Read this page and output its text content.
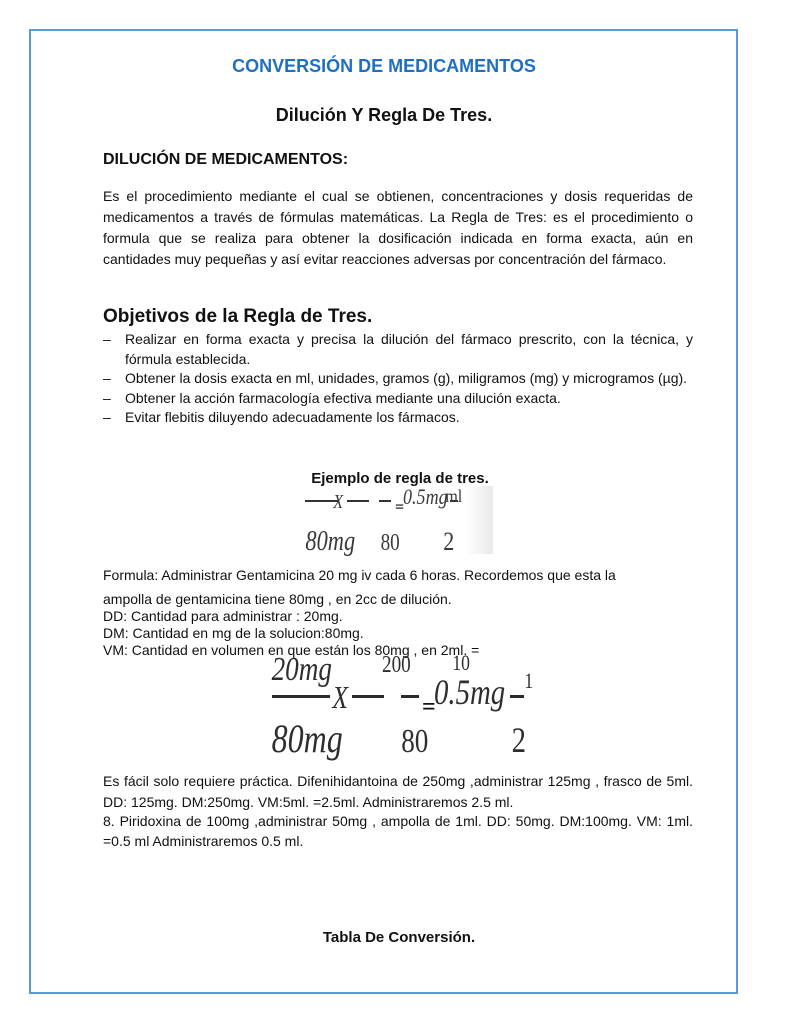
CONVERSIÓN DE MEDICAMENTOS
Dilución Y Regla De Tres.
DILUCIÓN DE MEDICAMENTOS:

Es el procedimiento mediante el cual se obtienen, concentraciones y dosis requeridas de medicamentos a través de fórmulas matemáticas. La Regla de Tres: es el procedimiento o formula que se realiza para obtener la dosificación indicada en forma exacta, aún en cantidades muy pequeñas y así evitar reacciones adversas por concentración del fármaco.

Objetivos de la Regla de Tres.
– Realizar en forma exacta y precisa la dilución del fármaco prescrito, con la técnica, y fórmula establecida.
– Obtener la dosis exacta en ml, unidades, gramos (g), miligramos (mg) y microgramos (µg).
– Obtener la acción farmacología efectiva mediante una dilución exacta.
– Evitar flebitis diluyendo adecuadamente los fármacos.
X	=
0.5mg
ml
80mg 80 2
Ejemplo de regla de tres.

Formula: Administrar Gentamicina 20 mg iv cada 6 horas. Recordemos que esta la

ampolla de gentamicina tiene 80mg , en 2cc de dilución.
DD: Cantidad para administrar : 20mg.
DM: Cantidad en mg de la solucion:80mg.
VM: Cantidad en volumen en que están los 80mg , en 2ml. =
20mg 200 10
X	=
0.5mg 1
80mg 80 2

Es fácil solo requiere práctica. Difenihidantoina de 250mg ,administrar 125mg , frasco de 5ml. DD: 125mg. DM:250mg. VM:5ml. =2.5ml. Administraremos 2.5 ml.

8. Piridoxina de 100mg ,administrar 50mg , ampolla de 1ml. DD: 50mg. DM:100mg. VM: 1ml. =0.5 ml Administraremos 0.5 ml.

Tabla De Conversión.
